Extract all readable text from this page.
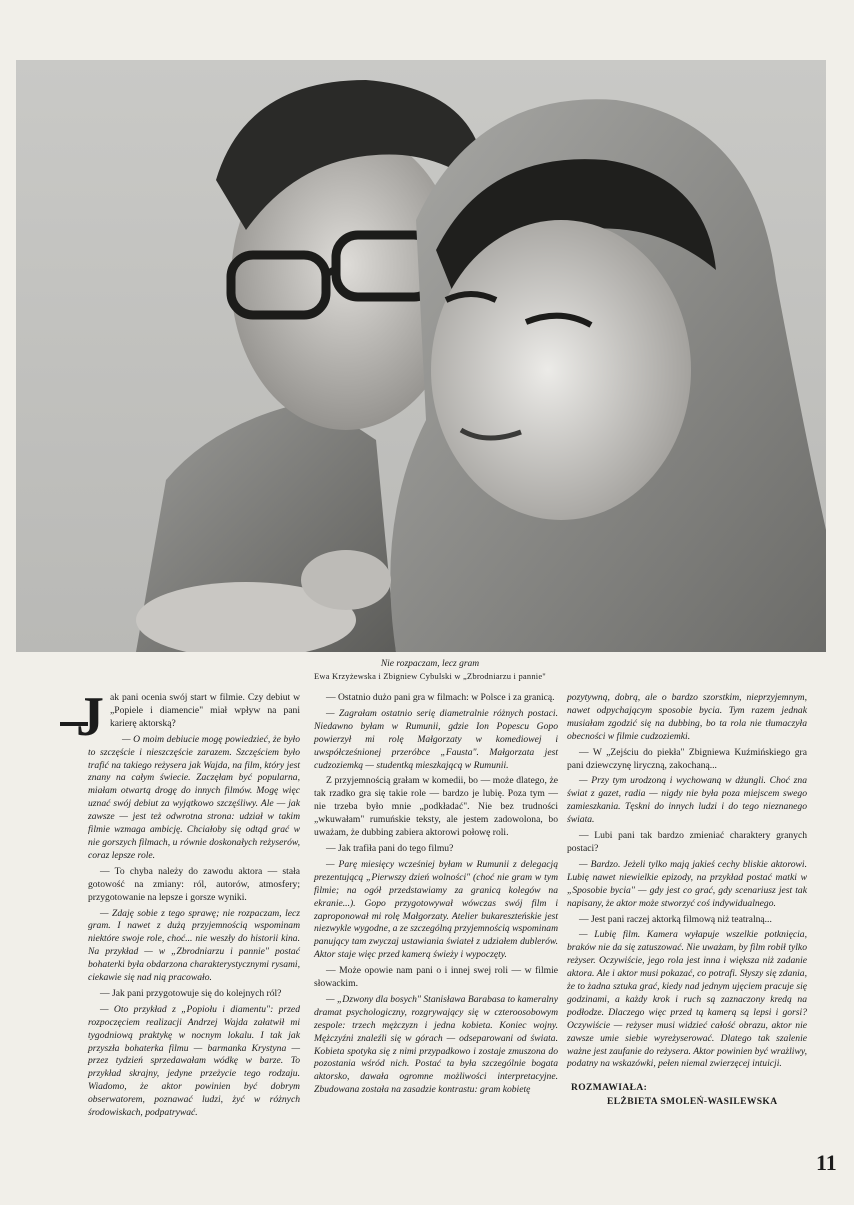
Nie rozpaczam, lecz gram
Ewa Krzyżewska i Zbigniew Cybulski w „Zbrodniarzu i pannie"

Jak pani ocenia swój start w filmie. Czy debiut w „Popiele i diamencie" miał wpływ na pani karierę aktorską?

— O moim debiucie mogę powiedzieć, że było to szczęście i nieszczęście zarazem. Szczęściem było trafić na takiego reżysera jak Wajda, na film, który jest znany na całym świecie. Zaczęłam być popularna, miałam otwartą drogę do innych filmów. Mogę więc uznać swój debiut za wyjątkowo szczęśliwy. Ale — jak zawsze — jest też odwrotna strona: udział w takim filmie wzmaga ambicję. Chciałoby się odtąd grać w nie gorszych filmach, u równie doskonałych reżyserów, coraz lepsze role.

— To chyba należy do zawodu aktora — stała gotowość na zmiany: ról, autorów, atmosfery; przygotowanie na lepsze i gorsze wyniki.

— Zdaję sobie z tego sprawę; nie rozpaczam, lecz gram. I nawet z dużą przyjemnością wspominam niektóre swoje role, choć... nie weszły do historii kina. Na przykład — w „Zbrodniarzu i pannie" postać bohaterki była obdarzona charakterystycznymi rysami, ciekawie się nad nią pracowało.

— Jak pani przygotowuje się do kolejnych ról?

— Oto przykład z „Popiołu i diamentu": przed rozpoczęciem realizacji Andrzej Wajda załatwił mi tygodniową praktykę w nocnym lokalu. I tak jak przyszła bohaterka filmu — barmanka Krystyna — przez tydzień sprzedawałam wódkę w barze. To przykład skrajny, jedyne przeżycie tego rodzaju. Wiadomo, że aktor powinien być dobrym obserwatorem, poznawać ludzi, żyć w różnych środowiskach, podpatrywać.

— Ostatnio dużo pani gra w filmach: w Polsce i za granicą.

— Zagrałam ostatnio serię diametralnie różnych postaci. Niedawno byłam w Rumunii, gdzie Ion Popescu Gopo powierzył mi rolę Małgorzaty w komediowej i uwspółcześnionej przeróbce „Fausta". Małgorzata jest cudzoziemką — studentką mieszkającą w Rumunii.

Z przyjemnością grałam w komedii, bo — może dlatego, że tak rzadko gra się takie role — bardzo je lubię. Poza tym — nie trzeba było mnie „podkładać". Nie bez trudności „wkuwałam" rumuńskie teksty, ale jestem zadowolona, bo uważam, że dubbing zabiera aktorowi połowę roli.

— Jak trafiła pani do tego filmu?

— Parę miesięcy wcześniej byłam w Rumunii z delegacją prezentującą „Pierwszy dzień wolności" (choć nie gram w tym filmie; na ogół przedstawiamy za granicą kolegów na ekranie...). Gopo przygotowywał wówczas swój film i zaproponował mi rolę Małgorzaty. Atelier bukareszteńskie jest niezwykle wygodne, a ze szczególną przyjemnością wspominam panujący tam zwyczaj ustawiania świateł z udziałem dublerów. Aktor staje więc przed kamerą świeży i wypoczęty.

— Może opowie nam pani o i innej swej roli — w filmie słowackim.

— „Dzwony dla bosych" Stanisława Barabasa to kameralny dramat psychologiczny, rozgrywający się w czteroosobowym zespole: trzech mężczyzn i jedna kobieta. Koniec wojny. Mężczyźni znaleźli się w górach — odseparowani od świata. Kobieta spotyka się z nimi przypadkowo i zostaje zmuszona do pozostania wśród nich. Postać ta była szczególnie bogata aktorsko, dawała ogromne możliwości interpretacyjne. Zbudowana została na zasadzie kontrastu: gram kobietę

pozytywną, dobrą, ale o bardzo szorstkim, nieprzyjemnym, nawet odpychającym sposobie bycia. Tym razem jednak musiałam zgodzić się na dubbing, bo ta rola nie tłumaczyła obecności w filmie cudzoziemki.

— W „Zejściu do piekła" Zbigniewa Kuźmińskiego gra pani dziewczynę liryczną, zakochaną...

— Przy tym urodzoną i wychowaną w dżungli. Choć zna świat z gazet, radia — nigdy nie była poza miejscem swego zamieszkania. Tęskni do innych ludzi i do tego nieznanego świata.

— Lubi pani tak bardzo zmieniać charaktery granych postaci?

— Bardzo. Jeżeli tylko mają jakieś cechy bliskie aktorowi. Lubię nawet niewielkie epizody, na przykład postać matki w „Sposobie bycia" — gdy jest co grać, gdy scenariusz jest tak napisany, że aktor może stworzyć coś indywidualnego.

— Jest pani raczej aktorką filmową niż teatralną...

— Lubię film. Kamera wyłapuje wszelkie potknięcia, braków nie da się zatuszować. Nie uważam, by film robił tylko reżyser. Oczywiście, jego rola jest inna i większa niż zadanie aktora. Ale i aktor musi pokazać, co potrafi. Słyszy się zdania, że to żadna sztuka grać, kiedy nad jednym ujęciem pracuje się godzinami, a każdy krok i ruch są zaznaczony kredą na podłodze. Dlaczego więc przed tą kamerą są lepsi i gorsi? Oczywiście — reżyser musi widzieć całość obrazu, aktor nie zawsze umie siebie wyreżyserować. Dlatego tak szalenie ważne jest zaufanie do reżysera. Aktor powinien być wrażliwy, podatny na wskazówki, pełen niemal zwierzęcej intuicji.

ROZMAWIAŁA:
ELŻBIETA SMOLEŃ-WASILEWSKA
11
